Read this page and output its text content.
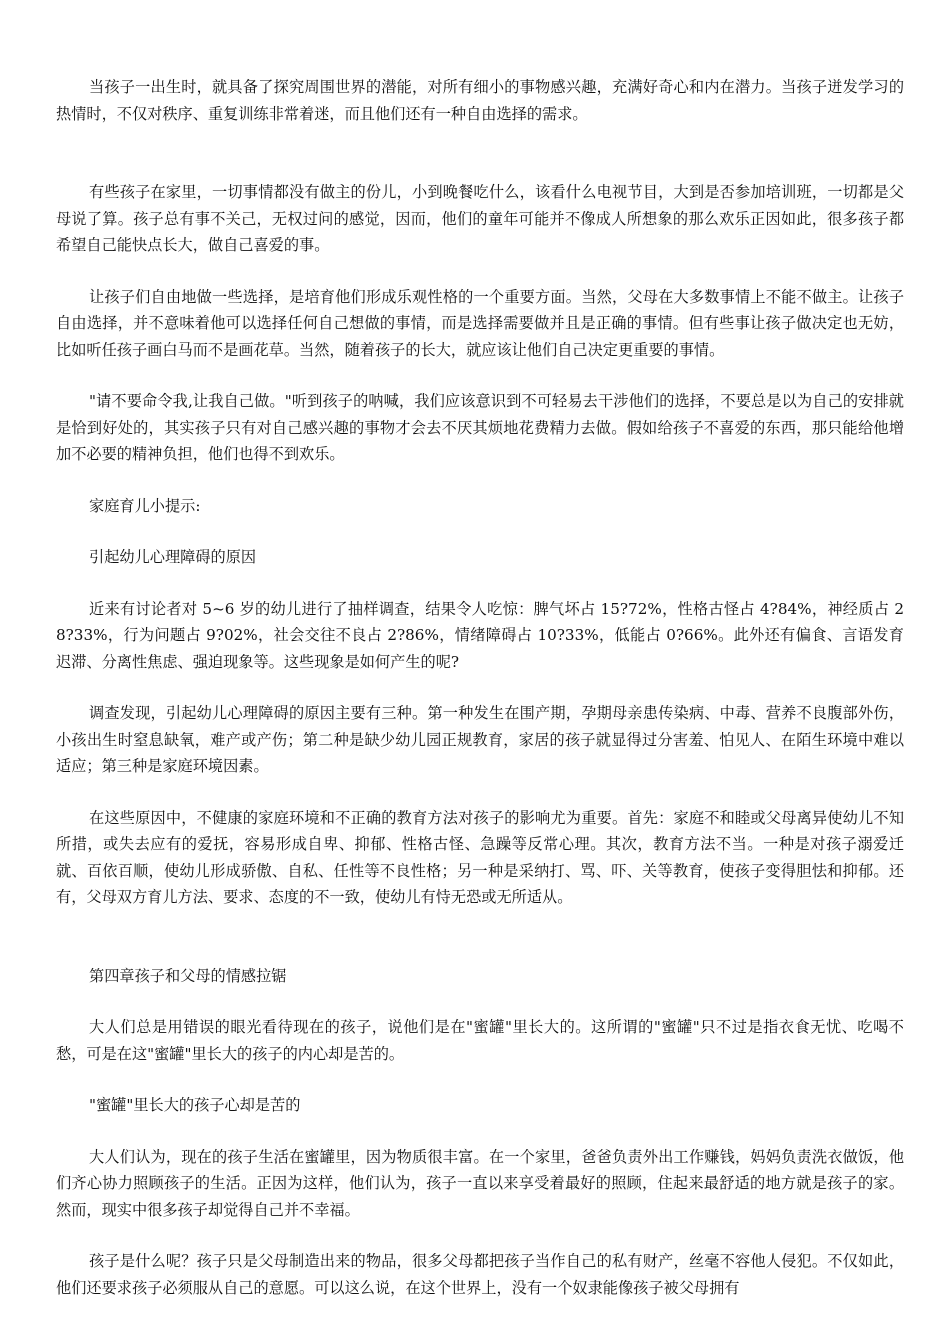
当孩子一出生时，就具备了探究周围世界的潜能，对所有细小的事物感兴趣，充满好奇心和内在潜力。当孩子迸发学习的热情时，不仅对秩序、重复训练非常着迷，而且他们还有一种自由选择的需求。

有些孩子在家里，一切事情都没有做主的份儿，小到晚餐吃什么，该看什么电视节目，大到是否参加培训班，一切都是父母说了算。孩子总有事不关己，无权过问的感觉，因而，他们的童年可能并不像成人所想象的那么欢乐正因如此，很多孩子都希望自己能快点长大，做自己喜爱的事。

让孩子们自由地做一些选择，是培育他们形成乐观性格的一个重要方面。当然，父母在大多数事情上不能不做主。让孩子自由选择，并不意味着他可以选择任何自己想做的事情，而是选择需要做并且是正确的事情。但有些事让孩子做决定也无妨，比如听任孩子画白马而不是画花草。当然，随着孩子的长大，就应该让他们自己决定更重要的事情。

"请不要命令我,让我自己做。"听到孩子的呐喊，我们应该意识到不可轻易去干涉他们的选择，不要总是以为自己的安排就是恰到好处的，其实孩子只有对自己感兴趣的事物才会去不厌其烦地花费精力去做。假如给孩子不喜爱的东西，那只能给他增加不必要的精神负担，他们也得不到欢乐。

家庭育儿小提示:

引起幼儿心理障碍的原因

近来有讨论者对 5~6 岁的幼儿进行了抽样调查，结果令人吃惊：脾气坏占 15?72%，性格古怪占 4?84%，神经质占 28?33%，行为问题占 9?02%，社会交往不良占 2?86%，情绪障碍占 10?33%，低能占 0?66%。此外还有偏食、言语发育迟滞、分离性焦虑、强迫现象等。这些现象是如何产生的呢?

调查发现，引起幼儿心理障碍的原因主要有三种。第一种发生在围产期，孕期母亲患传染病、中毒、营养不良腹部外伤，小孩出生时窒息缺氧，难产或产伤；第二种是缺少幼儿园正规教育，家居的孩子就显得过分害羞、怕见人、在陌生环境中难以适应；第三种是家庭环境因素。

在这些原因中，不健康的家庭环境和不正确的教育方法对孩子的影响尤为重要。首先：家庭不和睦或父母离异使幼儿不知所措，或失去应有的爱抚，容易形成自卑、抑郁、性格古怪、急躁等反常心理。其次，教育方法不当。一种是对孩子溺爱迁就、百依百顺，使幼儿形成骄傲、自私、任性等不良性格；另一种是采纳打、骂、吓、关等教育，使孩子变得胆怯和抑郁。还有，父母双方育儿方法、要求、态度的不一致，使幼儿有恃无恐或无所适从。

第四章孩子和父母的情感拉锯

大人们总是用错误的眼光看待现在的孩子，说他们是在"蜜罐"里长大的。这所谓的"蜜罐"只不过是指衣食无忧、吃喝不愁，可是在这"蜜罐"里长大的孩子的内心却是苦的。

"蜜罐"里长大的孩子心却是苦的

大人们认为，现在的孩子生活在蜜罐里，因为物质很丰富。在一个家里，爸爸负责外出工作赚钱，妈妈负责洗衣做饭，他们齐心协力照顾孩子的生活。正因为这样，他们认为，孩子一直以来享受着最好的照顾，住起来最舒适的地方就是孩子的家。然而，现实中很多孩子却觉得自己并不幸福。

孩子是什么呢？孩子只是父母制造出来的物品，很多父母都把孩子当作自己的私有财产，丝毫不容他人侵犯。不仅如此，他们还要求孩子必须服从自己的意愿。可以这么说，在这个世界上，没有一个奴隶能像孩子被父母拥有
